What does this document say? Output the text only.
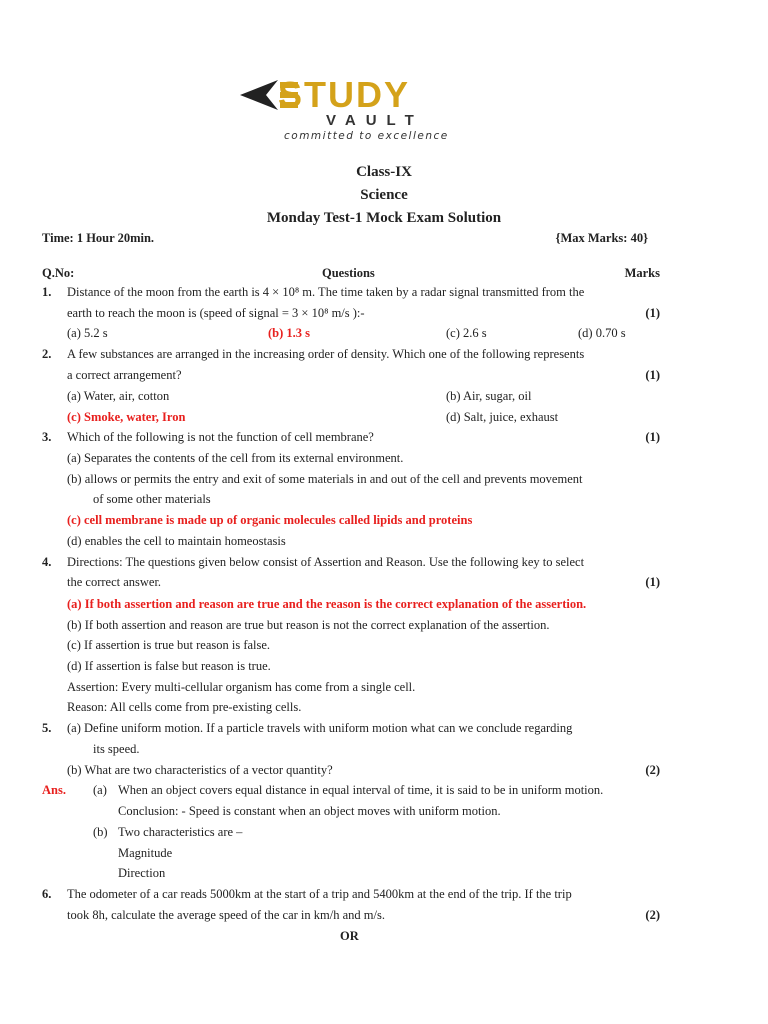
STUDY
VAULT
committed to excellence
Class-IX
Science
Monday Test-1 Mock Exam Solution
Time: 1 Hour 20min.	{Max Marks: 40}
Q.No:	Questions	Marks
1. Distance of the moon from the earth is 4 × 10⁸ m. The time taken by a radar signal transmitted from the
earth to reach the moon is (speed of signal = 3 × 10⁸ m/s ):-	(1)
(a) 5.2 s	(b) 1.3 s	(c) 2.6 s	(d) 0.70 s
2. A few substances are arranged in the increasing order of density. Which one of the following represents
a correct arrangement?	(1)
(a) Water, air, cotton	(b) Air, sugar, oil
(c) Smoke, water, Iron	(d) Salt, juice, exhaust
3. Which of the following is not the function of cell membrane?	(1)
(a) Separates the contents of the cell from its external environment.
(b) allows or permits the entry and exit of some materials in and out of the cell and prevents movement
of some other materials
(c) cell membrane is made up of organic molecules called lipids and proteins
(d) enables the cell to maintain homeostasis
4. Directions: The questions given below consist of Assertion and Reason. Use the following key to select
the correct answer.	(1)
(a) If both assertion and reason are true and the reason is the correct explanation of the assertion.
(b) If both assertion and reason are true but reason is not the correct explanation of the assertion.
(c) If assertion is true but reason is false.
(d) If assertion is false but reason is true.
Assertion: Every multi-cellular organism has come from a single cell.
Reason: All cells come from pre-existing cells.
5. (a) Define uniform motion. If a particle travels with uniform motion what can we conclude regarding
its speed.
(b) What are two characteristics of a vector quantity?	(2)
Ans. (a) When an object covers equal distance in equal interval of time, it is said to be in uniform motion.
Conclusion: - Speed is constant when an object moves with uniform motion.
(b) Two characteristics are –
Magnitude
Direction
6. The odometer of a car reads 5000km at the start of a trip and 5400km at the end of the trip. If the trip
took 8h, calculate the average speed of the car in km/h and m/s.	(2)
OR
